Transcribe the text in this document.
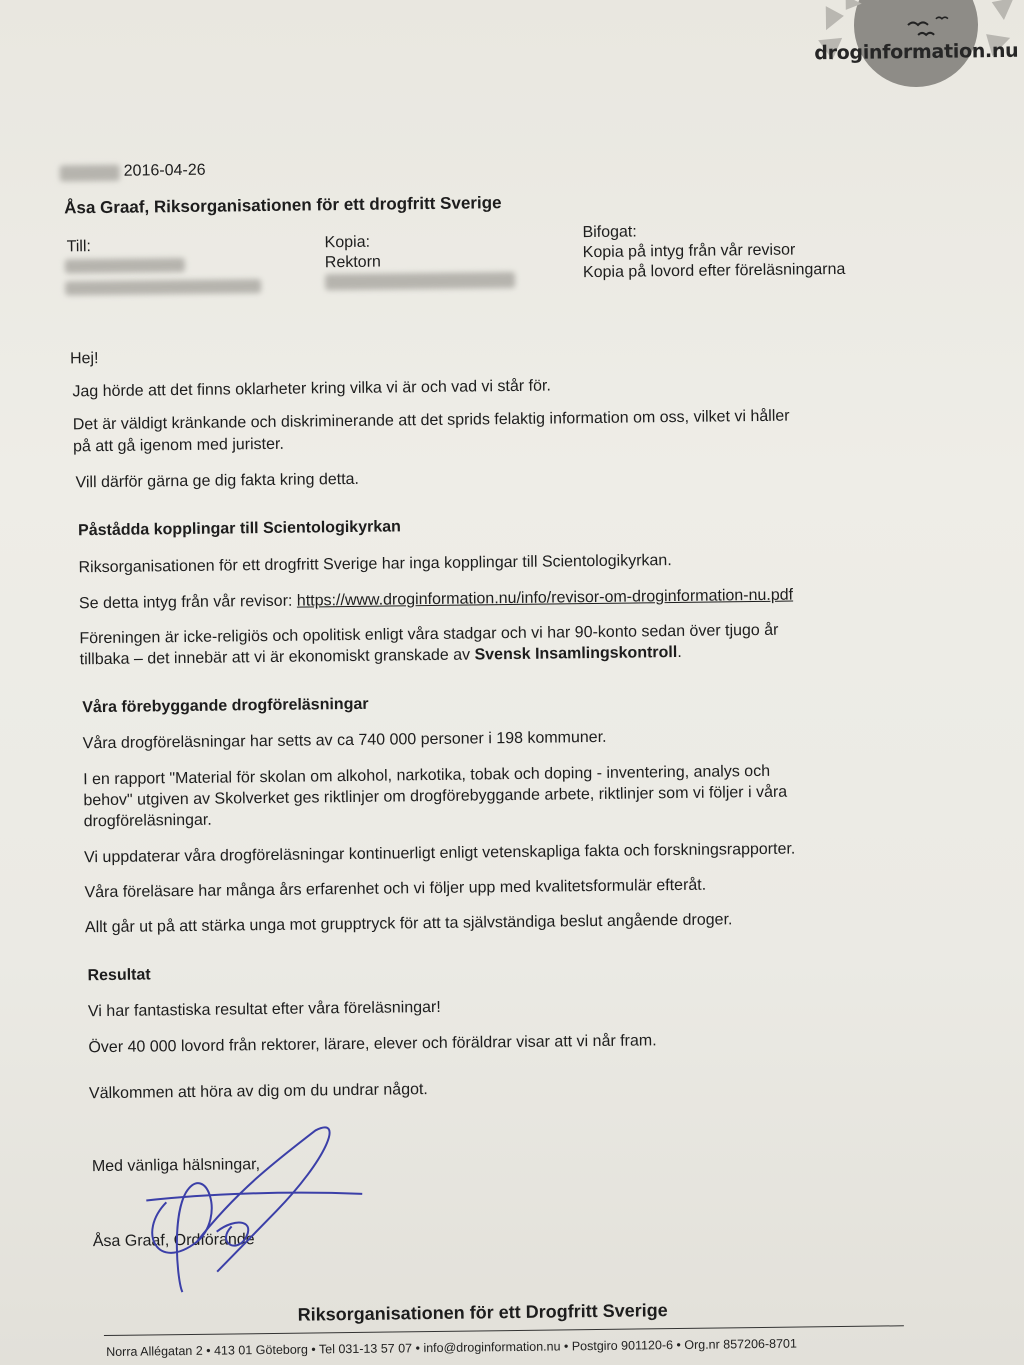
droginformation.nu
2016-04-26
Åsa Graaf, Riksorganisationen för ett drogfritt Sverige
Till:	Kopia:
Rektorn
Bifogat:
Kopia på intyg från vår revisor
Kopia på lovord efter föreläsningarna
Hej!
Jag hörde att det finns oklarheter kring vilka vi är och vad vi står för.
Det är väldigt kränkande och diskriminerande att det sprids felaktig information om oss, vilket vi håller
på att gå igenom med jurister.
Vill därför gärna ge dig fakta kring detta.
Påstådda kopplingar till Scientologikyrkan
Riksorganisationen för ett drogfritt Sverige har inga kopplingar till Scientologikyrkan.
Se detta intyg från vår revisor: https://www.droginformation.nu/info/revisor-om-droginformation-nu.pdf
Föreningen är icke-religiös och opolitisk enligt våra stadgar och vi har 90-konto sedan över tjugo år
tillbaka – det innebär att vi är ekonomiskt granskade av Svensk Insamlingskontroll.
Våra förebyggande drogföreläsningar
Våra drogföreläsningar har setts av ca 740 000 personer i 198 kommuner.
I en rapport "Material för skolan om alkohol, narkotika, tobak och doping - inventering, analys och
behov" utgiven av Skolverket ges riktlinjer om drogförebyggande arbete, riktlinjer som vi följer i våra
drogföreläsningar.
Vi uppdaterar våra drogföreläsningar kontinuerligt enligt vetenskapliga fakta och forskningsrapporter.
Våra föreläsare har många års erfarenhet och vi följer upp med kvalitetsformulär efteråt.
Allt går ut på att stärka unga mot grupptryck för att ta självständiga beslut angående droger.
Resultat
Vi har fantastiska resultat efter våra föreläsningar!
Över 40 000 lovord från rektorer, lärare, elever och föräldrar visar att vi når fram.
Välkommen att höra av dig om du undrar något.
Med vänliga hälsningar,
Åsa Graaf, Ordförande
Riksorganisationen för ett Drogfritt Sverige
Norra Allégatan 2 • 413 01 Göteborg • Tel 031-13 57 07 • info@droginformation.nu • Postgiro 901120-6 • Org.nr 857206-8701
